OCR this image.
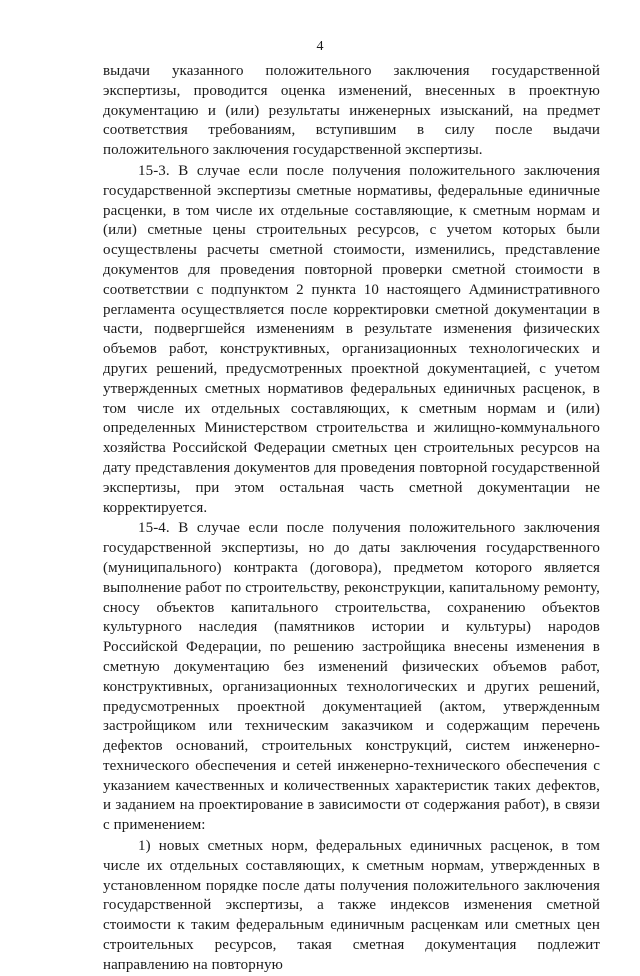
4

выдачи указанного положительного заключения государственной экспертизы, проводится оценка изменений, внесенных в проектную документацию и (или) результаты инженерных изысканий, на предмет соответствия требованиям, вступившим в силу после выдачи положительного заключения государственной экспертизы.

15-3. В случае если после получения положительного заключения государственной экспертизы сметные нормативы, федеральные единичные расценки, в том числе их отдельные составляющие, к сметным нормам и (или) сметные цены строительных ресурсов, с учетом которых были осуществлены расчеты сметной стоимости, изменились, представление документов для проведения повторной проверки сметной стоимости в соответствии с подпунктом 2 пункта 10 настоящего Административного регламента осуществляется после корректировки сметной документации в части, подвергшейся изменениям в результате изменения физических объемов работ, конструктивных, организационных технологических и других решений, предусмотренных проектной документацией, с учетом утвержденных сметных нормативов федеральных единичных расценок, в том числе их отдельных составляющих, к сметным нормам и (или) определенных Министерством строительства и жилищно-коммунального хозяйства Российской Федерации сметных цен строительных ресурсов на дату представления документов для проведения повторной государственной экспертизы, при этом остальная часть сметной документации не корректируется.

15-4. В случае если после получения положительного заключения государственной экспертизы, но до даты заключения государственного (муниципального) контракта (договора), предметом которого является выполнение работ по строительству, реконструкции, капитальному ремонту, сносу объектов капитального строительства, сохранению объектов культурного наследия (памятников истории и культуры) народов Российской Федерации, по решению застройщика внесены изменения в сметную документацию без изменений физических объемов работ, конструктивных, организационных технологических и других решений, предусмотренных проектной документацией (актом, утвержденным застройщиком или техническим заказчиком и содержащим перечень дефектов оснований, строительных конструкций, систем инженерно-технического обеспечения и сетей инженерно-технического обеспечения с указанием качественных и количественных характеристик таких дефектов, и заданием на проектирование в зависимости от содержания работ), в связи с применением:

1) новых сметных норм, федеральных единичных расценок, в том числе их отдельных составляющих, к сметным нормам, утвержденных в установленном порядке после даты получения положительного заключения государственной экспертизы, а также индексов изменения сметной стоимости к таким федеральным единичным расценкам или сметных цен строительных ресурсов, такая сметная документация подлежит направлению на повторную
